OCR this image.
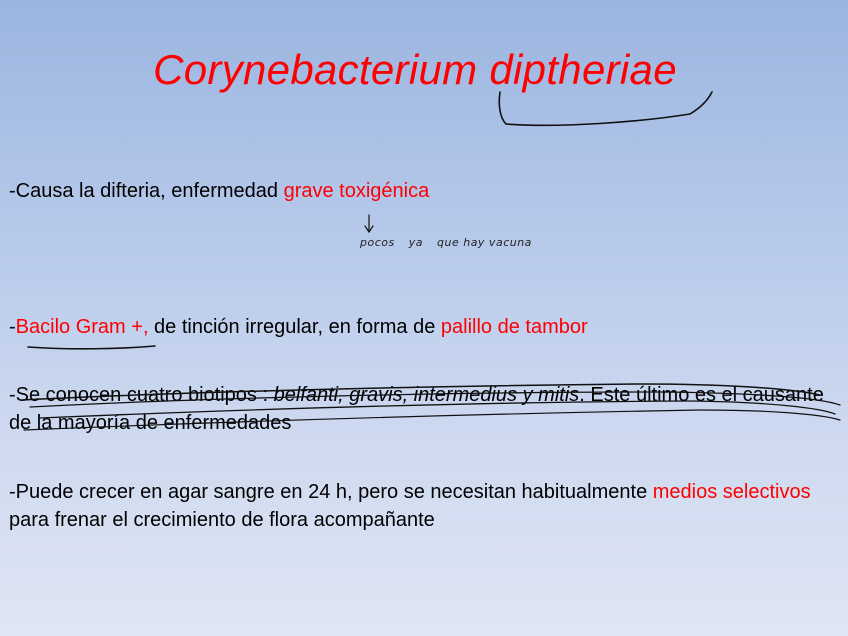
Corynebacterium diptheriae

-Causa la difteria, enfermedad grave toxigénica

pocos ya que hay vacuna

-Bacilo Gram +, de tinción irregular, en forma de palillo de tambor

-Se conocen cuatro biotipos : belfanti, gravis, intermedius y mitis. Este último es el causante de la mayoría de enfermedades

-Puede crecer en agar sangre en 24 h, pero se necesitan habitualmente medios selectivos para frenar el crecimiento de flora acompañante
